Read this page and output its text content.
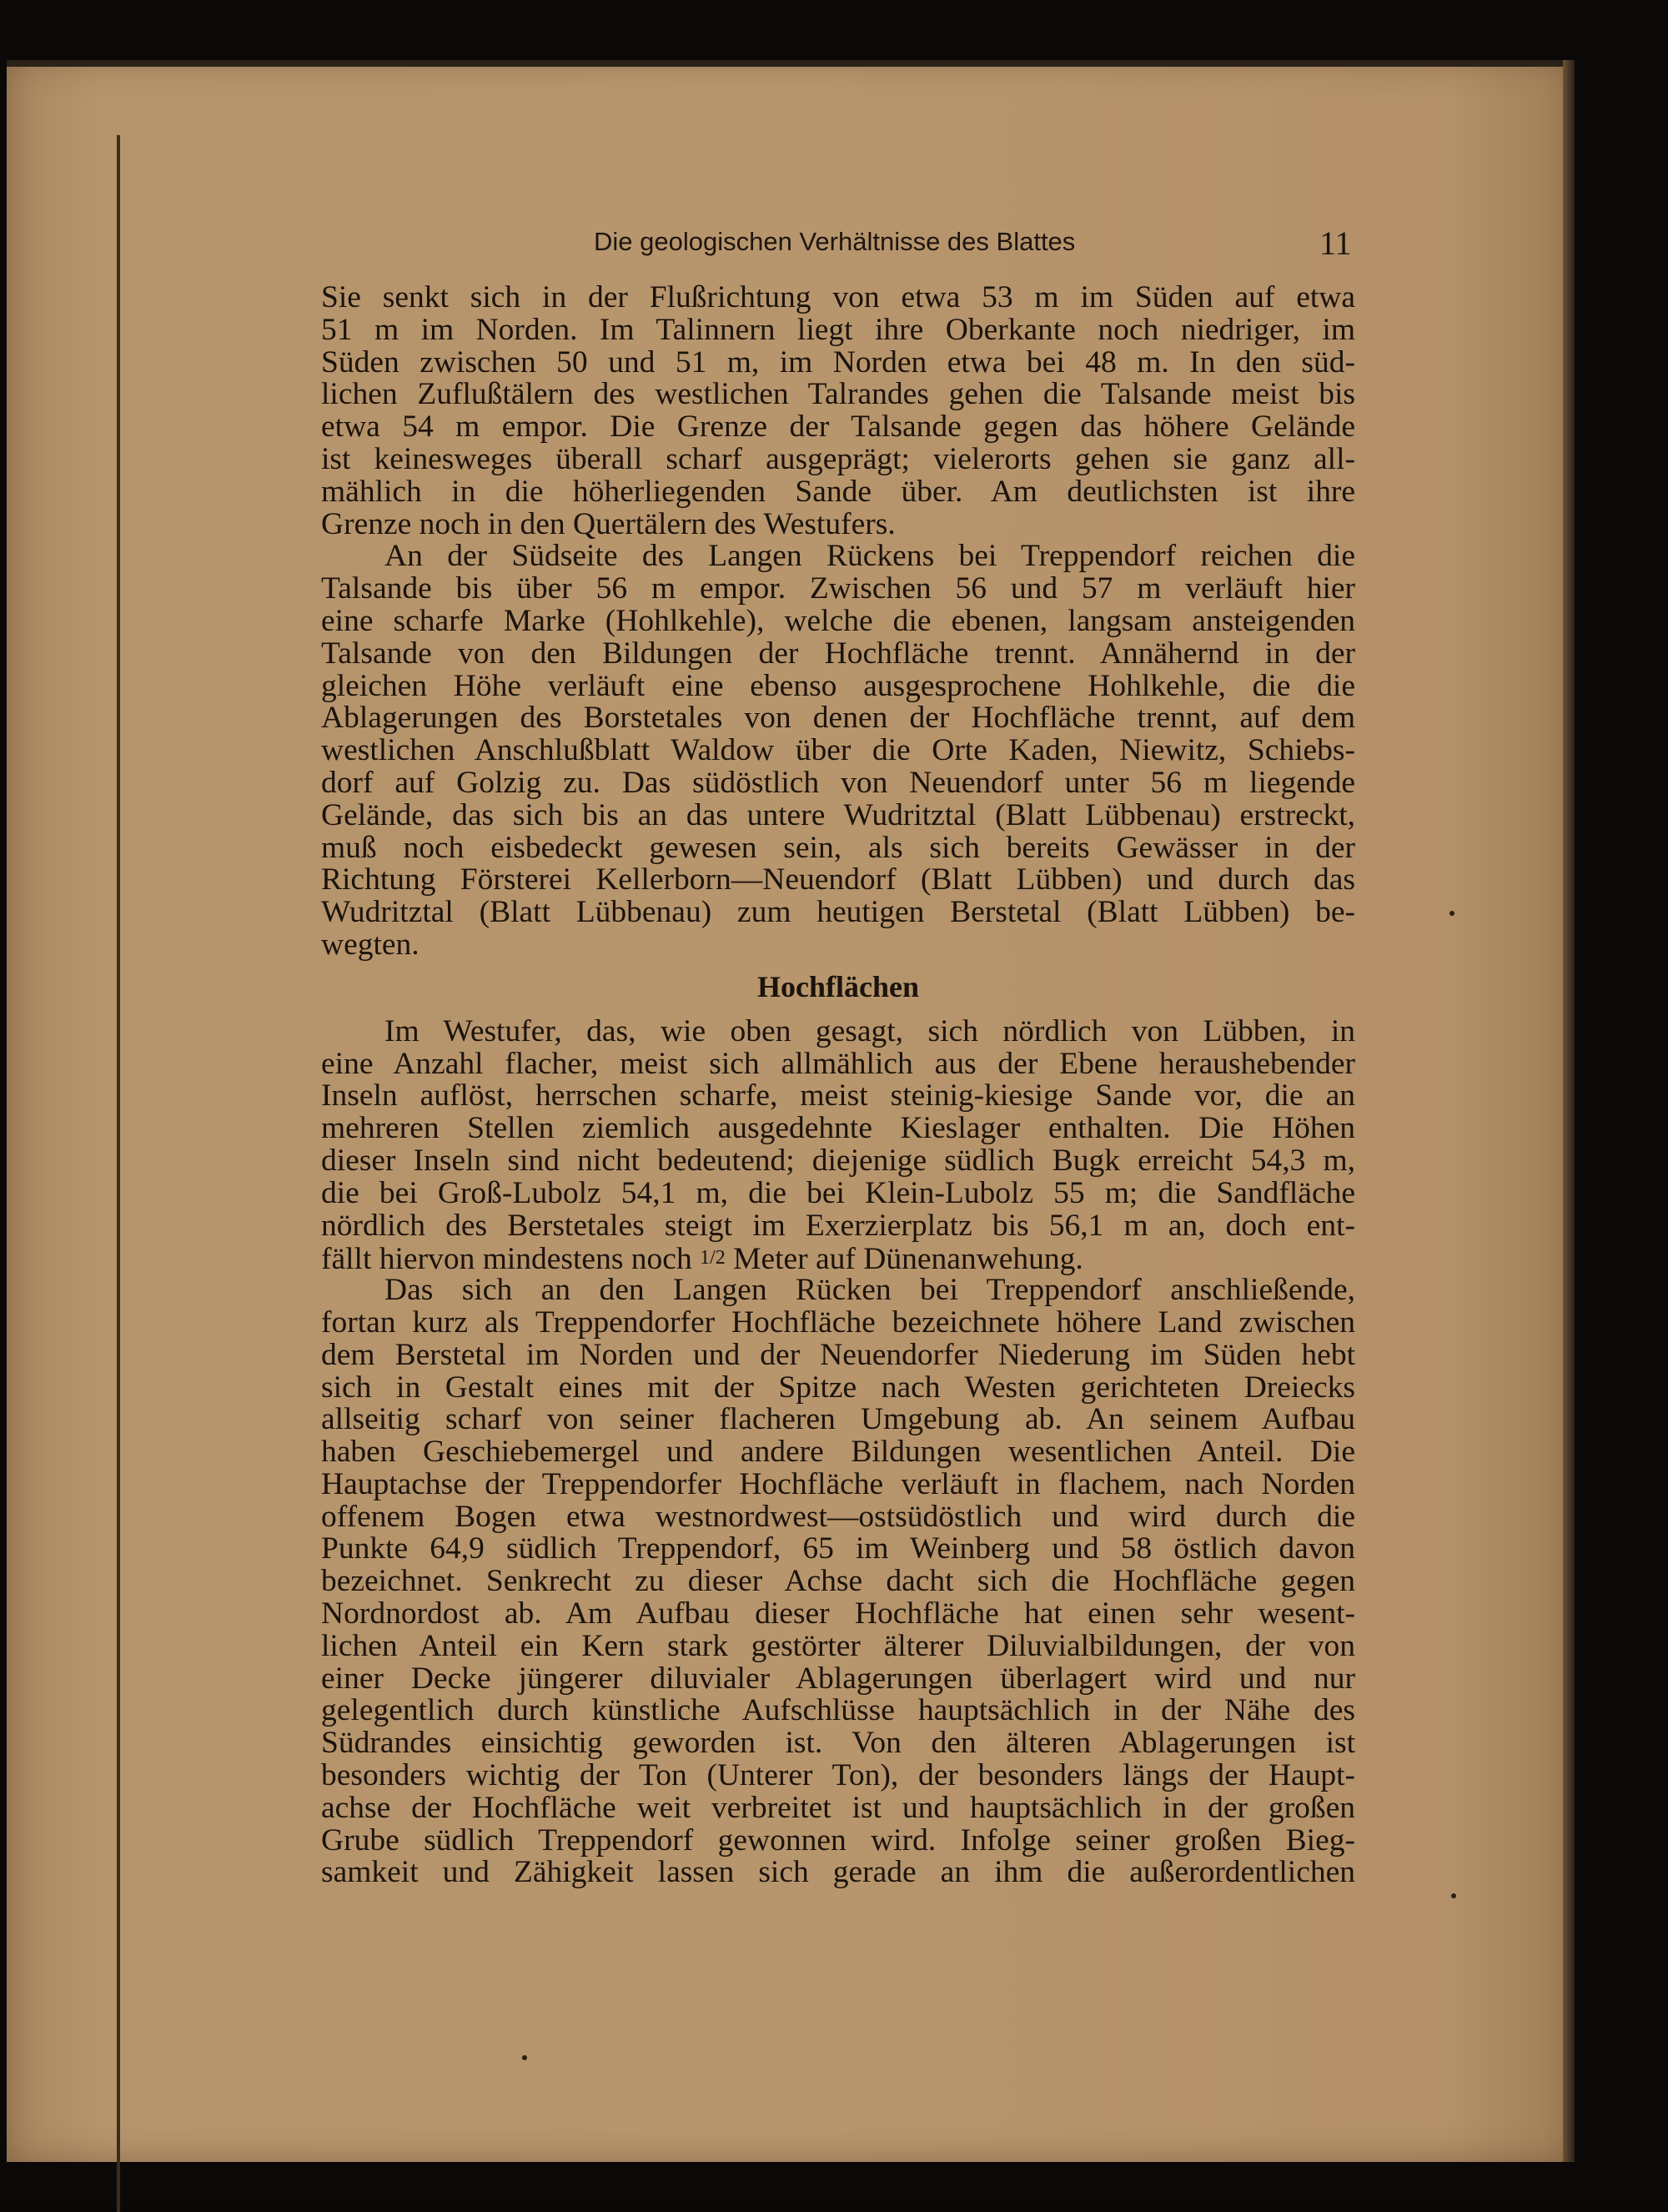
Die geologischen Verhältnisse des Blattes	11
Sie senkt sich in der Flußrichtung von etwa 53 m im Süden auf etwa
51 m im Norden. Im Talinnern liegt ihre Oberkante noch niedriger, im
Süden zwischen 50 und 51 m, im Norden etwa bei 48 m. In den süd-
lichen Zuflußtälern des westlichen Talrandes gehen die Talsande meist bis
etwa 54 m empor. Die Grenze der Talsande gegen das höhere Gelände
ist keinesweges überall scharf ausgeprägt; vielerorts gehen sie ganz all-
mählich in die höherliegenden Sande über. Am deutlichsten ist ihre
Grenze noch in den Quertälern des Westufers.
An der Südseite des Langen Rückens bei Treppendorf reichen die
Talsande bis über 56 m empor. Zwischen 56 und 57 m verläuft hier
eine scharfe Marke (Hohlkehle), welche die ebenen, langsam ansteigenden
Talsande von den Bildungen der Hochfläche trennt. Annähernd in der
gleichen Höhe verläuft eine ebenso ausgesprochene Hohlkehle, die die
Ablagerungen des Borstetales von denen der Hochfläche trennt, auf dem
westlichen Anschlußblatt Waldow über die Orte Kaden, Niewitz, Schiebs-
dorf auf Golzig zu. Das südöstlich von Neuendorf unter 56 m liegende
Gelände, das sich bis an das untere Wudritztal (Blatt Lübbenau) erstreckt,
muß noch eisbedeckt gewesen sein, als sich bereits Gewässer in der
Richtung Försterei Kellerborn—Neuendorf (Blatt Lübben) und durch das
Wudritztal (Blatt Lübbenau) zum heutigen Berstetal (Blatt Lübben) be-
wegten.
Hochflächen
Im Westufer, das, wie oben gesagt, sich nördlich von Lübben, in
eine Anzahl flacher, meist sich allmählich aus der Ebene heraushebender
Inseln auflöst, herrschen scharfe, meist steinig-kiesige Sande vor, die an
mehreren Stellen ziemlich ausgedehnte Kieslager enthalten. Die Höhen
dieser Inseln sind nicht bedeutend; diejenige südlich Bugk erreicht 54,3 m,
die bei Groß-Lubolz 54,1 m, die bei Klein-Lubolz 55 m; die Sandfläche
nördlich des Berstetales steigt im Exerzierplatz bis 56,1 m an, doch ent-
fällt hiervon mindestens noch 1/2 Meter auf Dünenanwehung.
Das sich an den Langen Rücken bei Treppendorf anschließende,
fortan kurz als Treppendorfer Hochfläche bezeichnete höhere Land zwischen
dem Berstetal im Norden und der Neuendorfer Niederung im Süden hebt
sich in Gestalt eines mit der Spitze nach Westen gerichteten Dreiecks
allseitig scharf von seiner flacheren Umgebung ab. An seinem Aufbau
haben Geschiebemergel und andere Bildungen wesentlichen Anteil. Die
Hauptachse der Treppendorfer Hochfläche verläuft in flachem, nach Norden
offenem Bogen etwa westnordwest—ostsüdöstlich und wird durch die
Punkte 64,9 südlich Treppendorf, 65 im Weinberg und 58 östlich davon
bezeichnet. Senkrecht zu dieser Achse dacht sich die Hochfläche gegen
Nordnordost ab. Am Aufbau dieser Hochfläche hat einen sehr wesent-
lichen Anteil ein Kern stark gestörter älterer Diluvialbildungen, der von
einer Decke jüngerer diluvialer Ablagerungen überlagert wird und nur
gelegentlich durch künstliche Aufschlüsse hauptsächlich in der Nähe des
Südrandes einsichtig geworden ist. Von den älteren Ablagerungen ist
besonders wichtig der Ton (Unterer Ton), der besonders längs der Haupt-
achse der Hochfläche weit verbreitet ist und hauptsächlich in der großen
Grube südlich Treppendorf gewonnen wird. Infolge seiner großen Bieg-
samkeit und Zähigkeit lassen sich gerade an ihm die außerordentlichen
